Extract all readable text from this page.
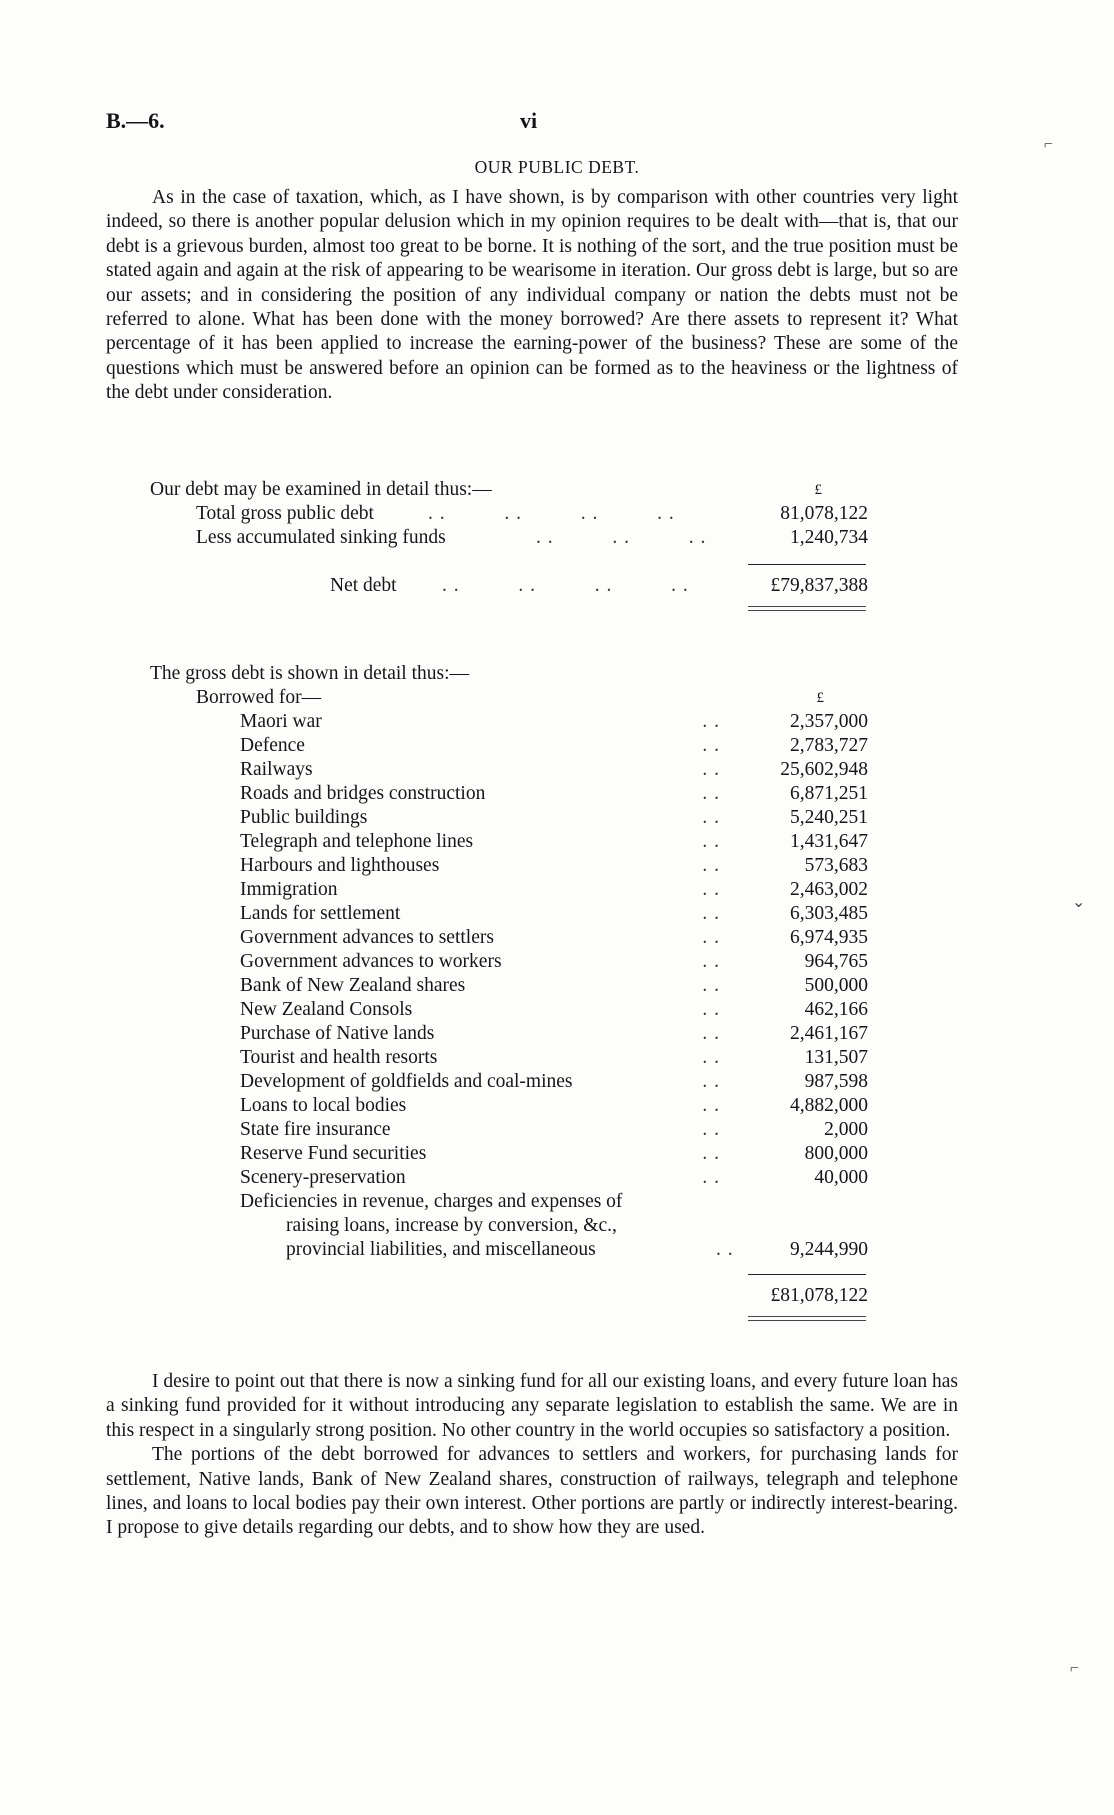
B.—6.	vi
OUR PUBLIC DEBT.

As in the case of taxation, which, as I have shown, is by comparison with other countries very light indeed, so there is another popular delusion which in my opinion requires to be dealt with—that is, that our debt is a grievous burden, almost too great to be borne. It is nothing of the sort, and the true position must be stated again and again at the risk of appearing to be wearisome in iteration. Our gross debt is large, but so are our assets; and in considering the position of any individual company or nation the debts must not be referred to alone. What has been done with the money borrowed? Are there assets to represent it? What percentage of it has been applied to increase the earning-power of the business? These are some of the questions which must be answered before an opinion can be formed as to the heaviness or the lightness of the debt under consideration.

Our debt may be examined in detail thus:—	£
Total gross public debt	. .          . .          . .          . .	81,078,122
Less accumulated sinking funds	. .          . .          . .	1,240,734
Net debt . .          . .          . .          . .	£79,837,388
The gross debt is shown in detail thus:—
Borrowed for—	£
Maori war	. .	2,357,000
Defence	. .	2,783,727
Railways	. .	25,602,948
Roads and bridges construction	. .	6,871,251
Public buildings	. .	5,240,251
Telegraph and telephone lines	. .	1,431,647
Harbours and lighthouses	. .	573,683
Immigration	. .	2,463,002
Lands for settlement	. .	6,303,485
Government advances to settlers	. .	6,974,935
Government advances to workers	. .	964,765
Bank of New Zealand shares	. .	500,000
New Zealand Consols	. .	462,166
Purchase of Native lands	. .	2,461,167
Tourist and health resorts	. .	131,507
Development of goldfields and coal-mines	. .	987,598
Loans to local bodies	. .	4,882,000
State fire insurance	. .	2,000
Reserve Fund securities	. .	800,000
Scenery-preservation	. .	40,000
Deficiencies in revenue, charges and expenses of
raising loans, increase by conversion, &c.,
provincial liabilities, and miscellaneous	. .	9,244,990
£81,078,122

I desire to point out that there is now a sinking fund for all our existing loans, and every future loan has a sinking fund provided for it without introducing any separate legislation to establish the same. We are in this respect in a singularly strong position. No other country in the world occupies so satisfactory a position.

The portions of the debt borrowed for advances to settlers and workers, for purchasing lands for settlement, Native lands, Bank of New Zealand shares, construction of railways, telegraph and telephone lines, and loans to local bodies pay their own interest. Other portions are partly or indirectly interest-bearing. I propose to give details regarding our debts, and to show how they are used.

⌐
⌄
⌐
